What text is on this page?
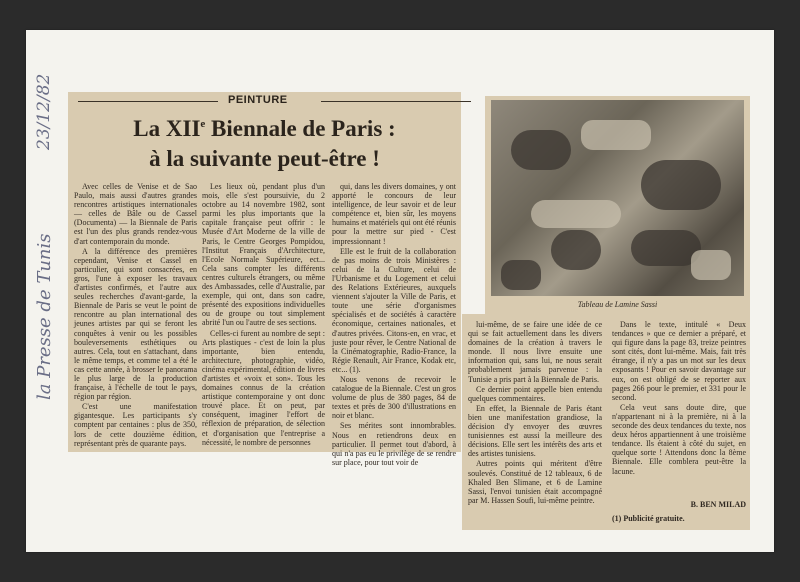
23/12/82
la Presse de Tunis
PEINTURE
La XIIe Biennale de Paris :
à la suivante peut-être !

Avec celles de Venise et de Sao Paulo, mais aussi d'autres grandes rencontres artistiques internationales — celles de Bâle ou de Cassel (Documenta) — la Biennale de Paris est l'un des plus grands rendez-vous d'art contemporain du monde.

A la différence des premières cependant, Venise et Cassel en particulier, qui sont consacrées, en gros, l'une à exposer les travaux d'artistes confirmés, et l'autre aux seules recherches d'avant-garde, la Biennale de Paris se veut le point de rencontre au plan international des jeunes artistes par qui se feront les conquêtes à venir ou les possibles bouleversements esthétiques ou autres. Cela, tout en s'attachant, dans le même temps, et comme tel a été le cas cette année, à brosser le panorama le plus large de la production française, à l'échelle de tout le pays, région par région.

C'est une manifestation gigantesque. Les participants s'y comptent par centaines : plus de 350, lors de cette douzième édition, représentant près de quarante pays.

Les lieux où, pendant plus d'un mois, elle s'est poursuivie, du 2 octobre au 14 novembre 1982, sont parmi les plus importants que la capitale française peut offrir : le Musée d'Art Moderne de la ville de Paris, le Centre Georges Pompidou, l'Institut Français d'Architecture, l'Ecole Normale Supérieure, ect... Cela sans compter les différents centres culturels étrangers, ou même des Ambassades, celle d'Australie, par exemple, qui ont, dans son cadre, présenté des expositions individuelles ou de groupe ou tout simplement abrité l'un ou l'autre de ses sections.

Celles-ci furent au nombre de sept : Arts plastiques - c'est de loin la plus importante, bien entendu, architecture, photographie, vidéo, cinéma expérimental, édition de livres d'artistes et «voix et son». Tous les domaines connus de la création artistique contemporaine y ont donc trouvé place. Et on peut, par conséquent, imaginer l'effort de réflexion de préparation, de sélection et d'organisation que l'entreprise a nécessité, le nombre de personnes

qui, dans les divers domaines, y ont apporté le concours de leur intelligence, de leur savoir et de leur compétence et, bien sûr, les moyens humains et matériels qui ont été réunis pour la mettre sur pied - C'est impressionnant !

Elle est le fruit de la collaboration de pas moins de trois Ministères : celui de la Culture, celui de l'Urbanisme et du Logement et celui des Relations Extérieures, auxquels viennent s'ajouter la Ville de Paris, et toute une série d'organismes spécialisés et de sociétés à caractère économique, certaines nationales, et d'autres privées. Citons-en, en vrac, et juste pour rêver, le Centre National de la Cinématographie, Radio-France, la Régie Renault, Air France, Kodak etc, etc... (1).

Nous venons de recevoir le catalogue de la Biennale. C'est un gros volume de plus de 380 pages, 84 de textes et près de 300 d'illustrations en noir et blanc.

Ses mérites sont innombrables. Nous en retiendrons deux en particulier. Il permet tout d'abord, à qui n'a pas eu le privilège de se rendre sur place, pour tout voir de

Tableau de Lamine Sassi

lui-même, de se faire une idée de ce qui se fait actuellement dans les divers domaines de la création à travers le monde. Il nous livre ensuite une information qui, sans lui, ne nous serait probablement jamais parvenue : la Tunisie a pris part à la Biennale de Paris.

Ce dernier point appelle bien entendu quelques commentaires.

En effet, la Biennale de Paris étant bien une manifestation grandiose, la décision d'y envoyer des œuvres tunisiennes est aussi la meilleure des décisions. Elle sert les intérêts des arts et des artistes tunisiens.

Autres points qui méritent d'être soulevés. Constitué de 12 tableaux, 6 de Khaled Ben Slimane, et 6 de Lamine Sassi, l'envoi tunisien était accompagné par M. Hassen Soufi, lui-même peintre.

Dans le texte, intitulé « Deux tendances » que ce dernier a préparé, et qui figure dans la page 83, treize peintres sont cités, dont lui-même. Mais, fait très étrange, il n'y a pas un mot sur les deux exposants ! Pour en savoir davantage sur eux, on est obligé de se reporter aux pages 266 pour le premier, et 331 pour le second.

Cela veut sans doute dire, que n'appartenant ni à la première, ni à la seconde des deux tendances du texte, nos deux héros appartiennent à une troisième tendance. Ils étaient à côté du sujet, en quelque sorte ! Attendons donc la 8ème Biennale. Elle comblera peut-être la lacune.

B. BEN MILAD
(1) Publicité gratuite.
